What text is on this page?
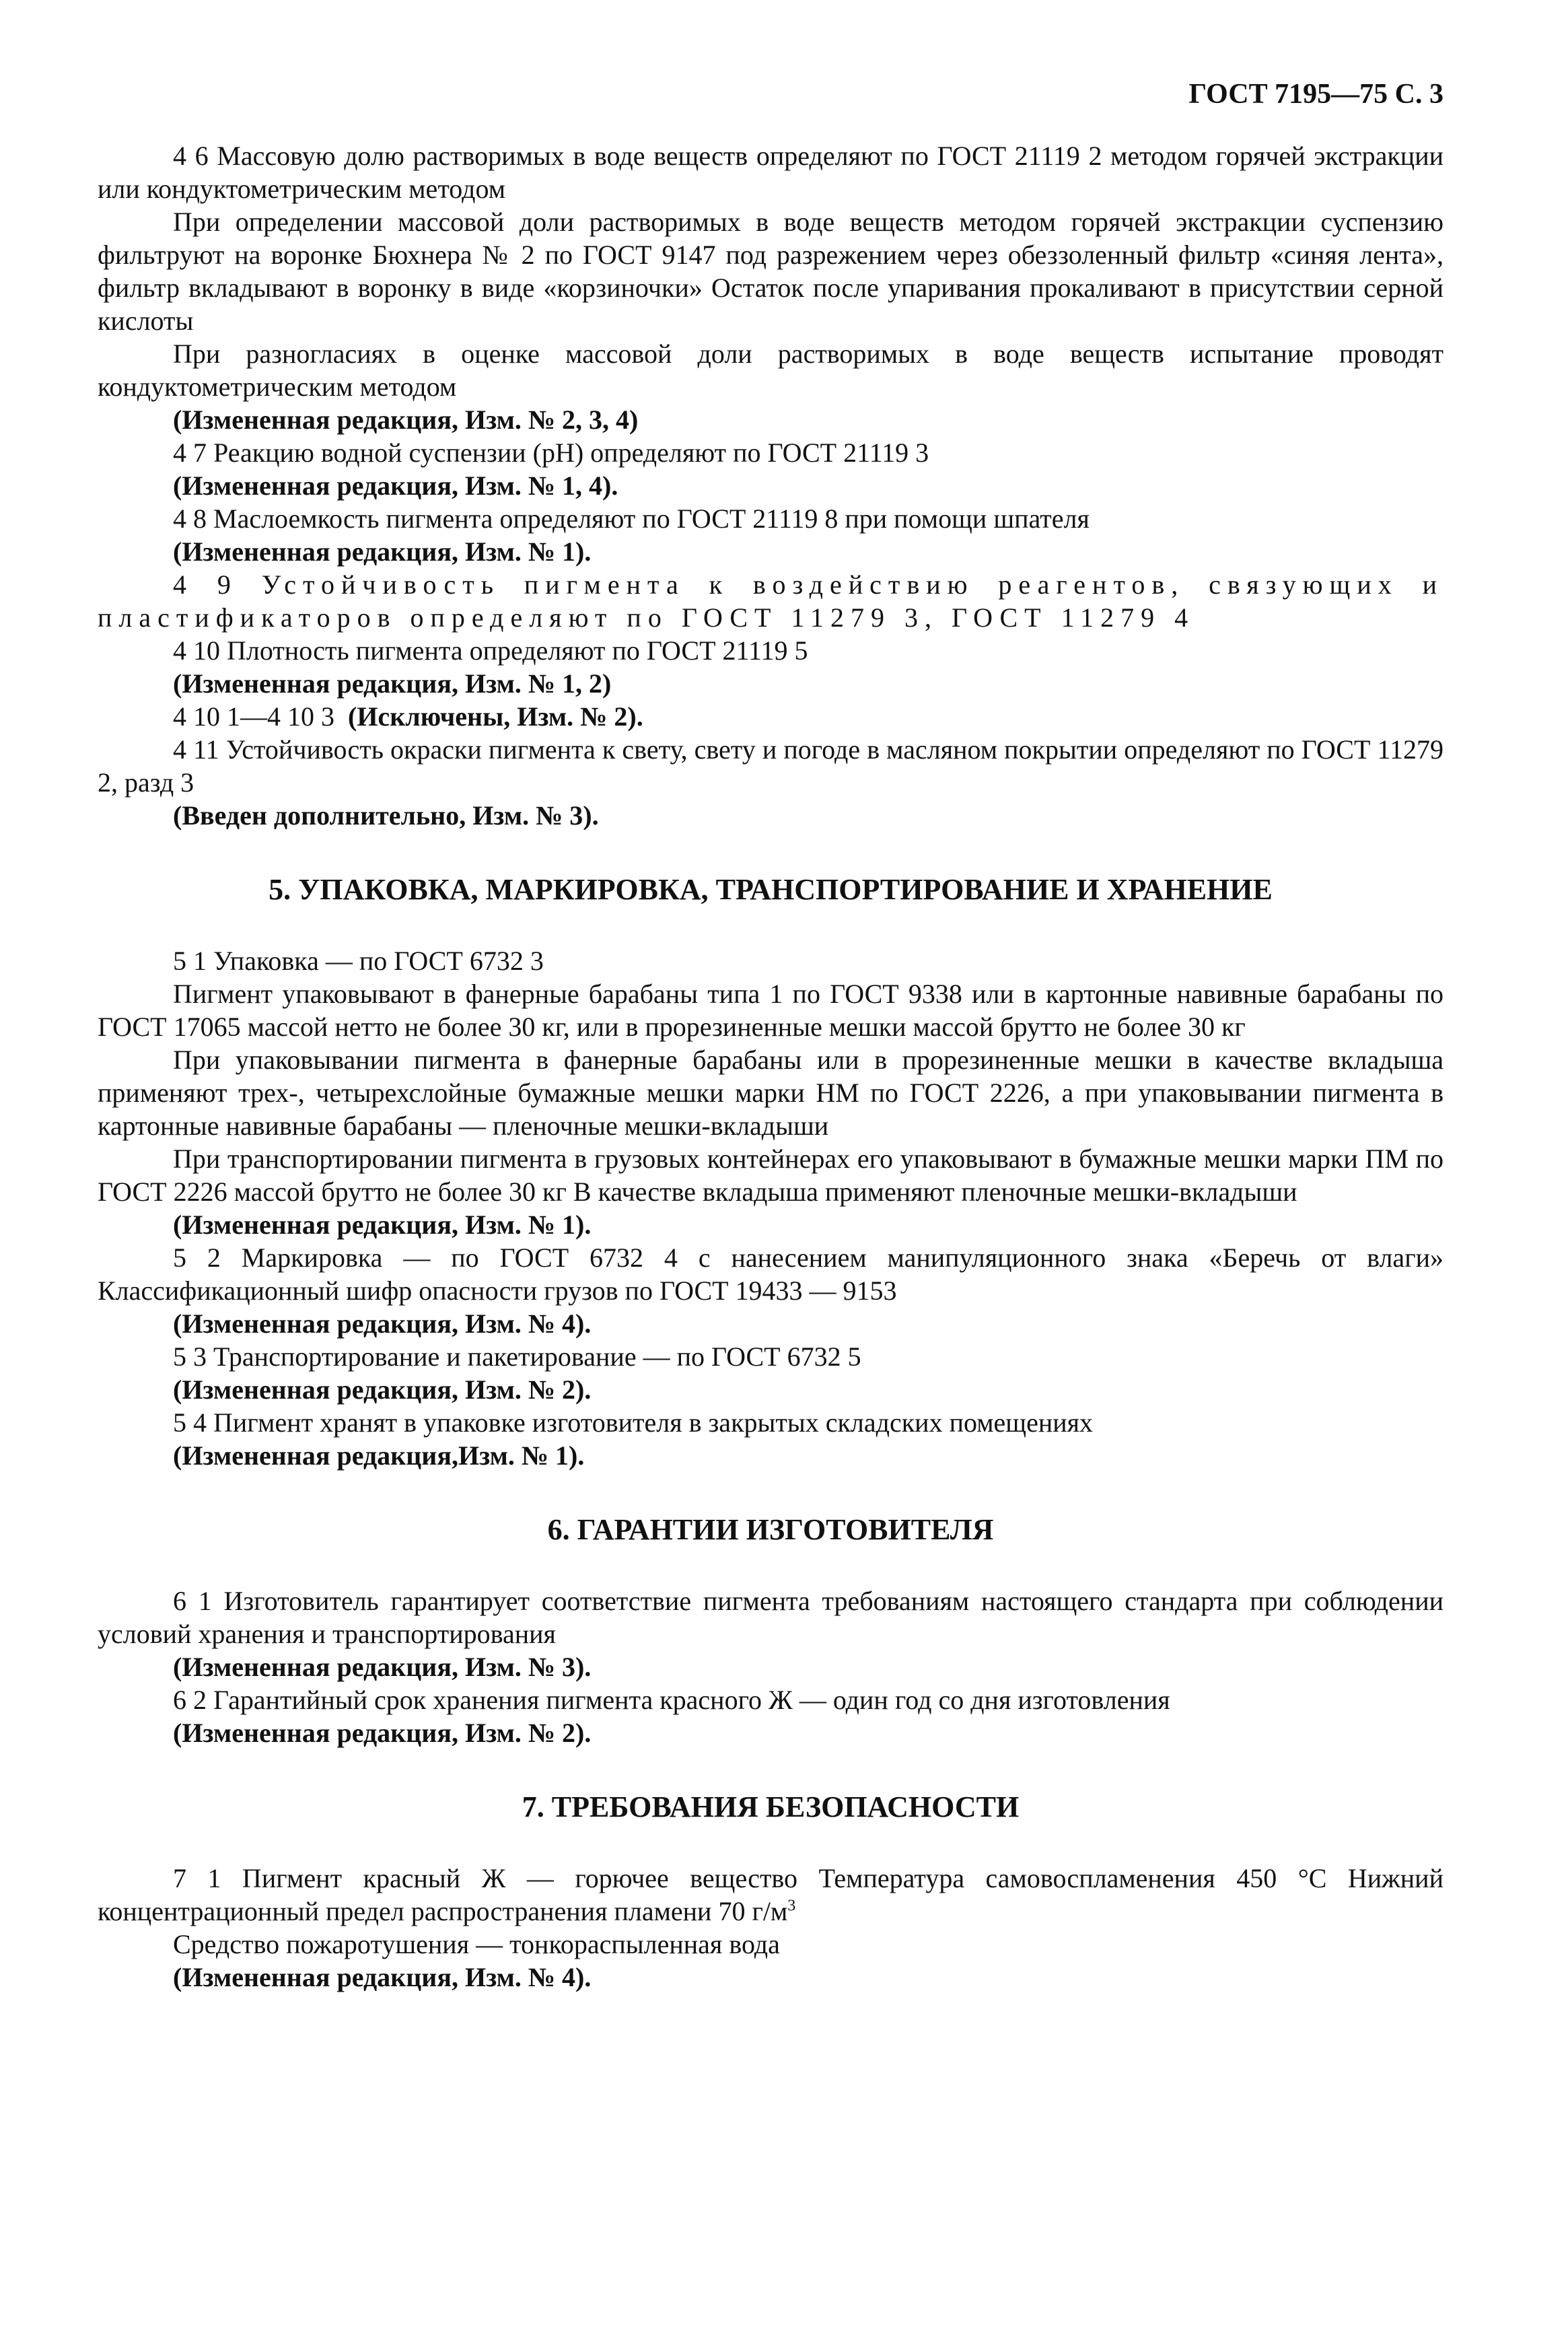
ГОСТ 7195—75 С. 3

4 6 Массовую долю растворимых в воде веществ определяют по ГОСТ 21119 2 методом горячей экстракции или кондуктометрическим методом

При определении массовой доли растворимых в воде веществ методом горячей экстракции суспензию фильтруют на воронке Бюхнера № 2 по ГОСТ 9147 под разрежением через обеззоленный фильтр «синяя лента», фильтр вкладывают в воронку в виде «корзиночки» Остаток после упаривания прокаливают в присутствии серной кислоты

При разногласиях в оценке массовой доли растворимых в воде веществ испытание проводят кондуктометрическим методом

(Измененная редакция, Изм. № 2, 3, 4)

4 7 Реакцию водной суспензии (pH) определяют по ГОСТ 21119 3

(Измененная редакция, Изм. № 1, 4).

4 8 Маслоемкость пигмента определяют по ГОСТ 21119 8 при помощи шпателя

(Измененная редакция, Изм. № 1).

4 9 Устойчивость пигмента к воздействию реагентов, связующих и пластификаторов определяют по ГОСТ 11279 3, ГОСТ 11279 4

4 10 Плотность пигмента определяют по ГОСТ 21119 5

(Измененная редакция, Изм. № 1, 2)

4 10 1—4 10 3 (Исключены, Изм. № 2).

4 11 Устойчивость окраски пигмента к свету, свету и погоде в масляном покрытии определяют по ГОСТ 11279 2, разд 3

(Введен дополнительно, Изм. № 3).

5. УПАКОВКА, МАРКИРОВКА, ТРАНСПОРТИРОВАНИЕ И ХРАНЕНИЕ

5 1 Упаковка — по ГОСТ 6732 3

Пигмент упаковывают в фанерные барабаны типа 1 по ГОСТ 9338 или в картонные навивные барабаны по ГОСТ 17065 массой нетто не более 30 кг, или в прорезиненные мешки массой брутто не более 30 кг

При упаковывании пигмента в фанерные барабаны или в прорезиненные мешки в качестве вкладыша применяют трех-, четырехслойные бумажные мешки марки НМ по ГОСТ 2226, а при упаковывании пигмента в картонные навивные барабаны — пленочные мешки-вкладыши

При транспортировании пигмента в грузовых контейнерах его упаковывают в бумажные мешки марки ПМ по ГОСТ 2226 массой брутто не более 30 кг В качестве вкладыша применяют пленочные мешки-вкладыши

(Измененная редакция, Изм. № 1).

5 2 Маркировка — по ГОСТ 6732 4 с нанесением манипуляционного знака «Беречь от влаги» Классификационный шифр опасности грузов по ГОСТ 19433 — 9153

(Измененная редакция, Изм. № 4).

5 3 Транспортирование и пакетирование — по ГОСТ 6732 5

(Измененная редакция, Изм. № 2).

5 4 Пигмент хранят в упаковке изготовителя в закрытых складских помещениях

(Измененная редакция,Изм. № 1).

6. ГАРАНТИИ ИЗГОТОВИТЕЛЯ

6 1 Изготовитель гарантирует соответствие пигмента требованиям настоящего стандарта при соблюдении условий хранения и транспортирования

(Измененная редакция, Изм. № 3).

6 2 Гарантийный срок хранения пигмента красного Ж — один год со дня изготовления

(Измененная редакция, Изм. № 2).

7. ТРЕБОВАНИЯ БЕЗОПАСНОСТИ

7 1 Пигмент красный Ж — горючее вещество Температура самовоспламенения 450 °С Нижний концентрационный предел распространения пламени 70 $г/м^3$

Средство пожаротушения — тонкораспыленная вода

(Измененная редакция, Изм. № 4).
